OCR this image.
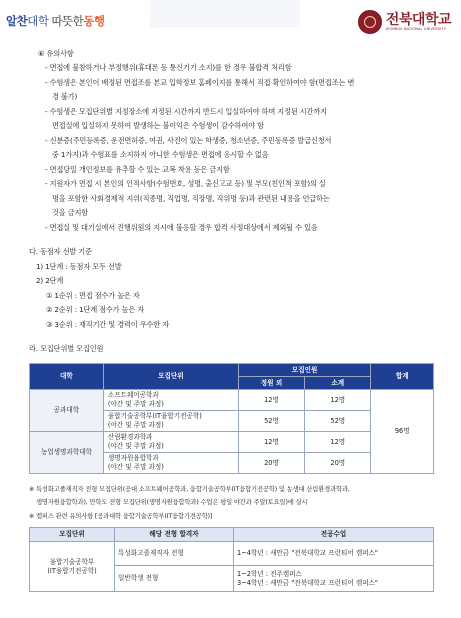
알찬대학 따뜻한동행	전북대학교
JEONBUK NATIONAL UNIVERSITY
⑥ 유의사항
- 면접에 불참하거나 부정행위(휴대폰 등 통신기기 소지)를 한 경우 불합격 처리함
- 수험생은 본인이 배정된 면접조를 본교 입학정보 홈페이지를 통해서 직접 확인하여야 함(면접조는 변
경 불가)
- 수험생은 모집단위별 지정장소에 지정된 시간까지 반드시 입실하여야 하며 지정된 시간까지
면접실에 입실하지 못하여 발생하는 불이익은 수험생이 감수하여야 함
- 신분증(주민등록증, 운전면허증, 여권, 사진이 있는 학생증, 청소년증, 주민등록증 발급신청서
중 1가지)과 수험표를 소지하지 아니한 수험생은 면접에 응시할 수 없음
- 면접당일 개인정보를 유추할 수 있는 교복 착용 등은 금지함
- 지원자가 면접 시 본인의 인적사항(수험번호, 성명, 출신고교 등) 및 부모(친인척 포함)의 실
명을 포함한 사회경제적 지위(직종명, 직업명, 직장명, 직위명 등)과 관련된 내용을 언급하는
것을 금지함
- 면접실 및 대기실에서 진행위원의 지시에 불응할 경우 합격 사정대상에서 제외될 수 있음
다. 동점자 선발 기준
1) 1단계 : 동점자 모두 선발
2) 2단계
① 1순위 : 면접 점수가 높은 자
② 2순위 : 1단계 점수가 높은 자
③ 3순위 : 재직기간 및 경력이 우수한 자
라. 모집단위별 모집인원
대학	모집단위	모집인원		합계
		정원 외	소계	
공과대학	소프트웨어공학과
(야간 및 주말 과정)	12명	12명	96명
	융합기술공학부(IT융합기전공학)
(야간 및 주말 과정)	52명	52명	
농업생명과학대학	산림환경과학과
(야간 및 주말 과정)	12명	12명	
	생명자원융합학과
(야간 및 주말 과정)	20명	20명	
※ 특성화고졸재직자 전형 모집단위(공대 소프트웨어공학과, 융합기술공학부(IT융합기전공학) 및 농생대 산림환경과학과,
생명자원융합학과), 만학도 전형 모집단위(생명자원융합학과) 수업은 평일 야간과 주말(토요일)에 실시
※ 캠퍼스 관련 유의사항 [공과대학 융합기술공학부(IT융합기전공학)]
모집단위	해당 전형 합격자	전공수업
융합기술공학부
(IT융합기전공학)	특성화고졸재직자 전형	1~4학년 : 새만금 "전북대학교 프런티어 캠퍼스"
	일반학생 전형	1~2학년 : 전주캠퍼스
3~4학년 : 새만금 "전북대학교 프런티어 캠퍼스"
